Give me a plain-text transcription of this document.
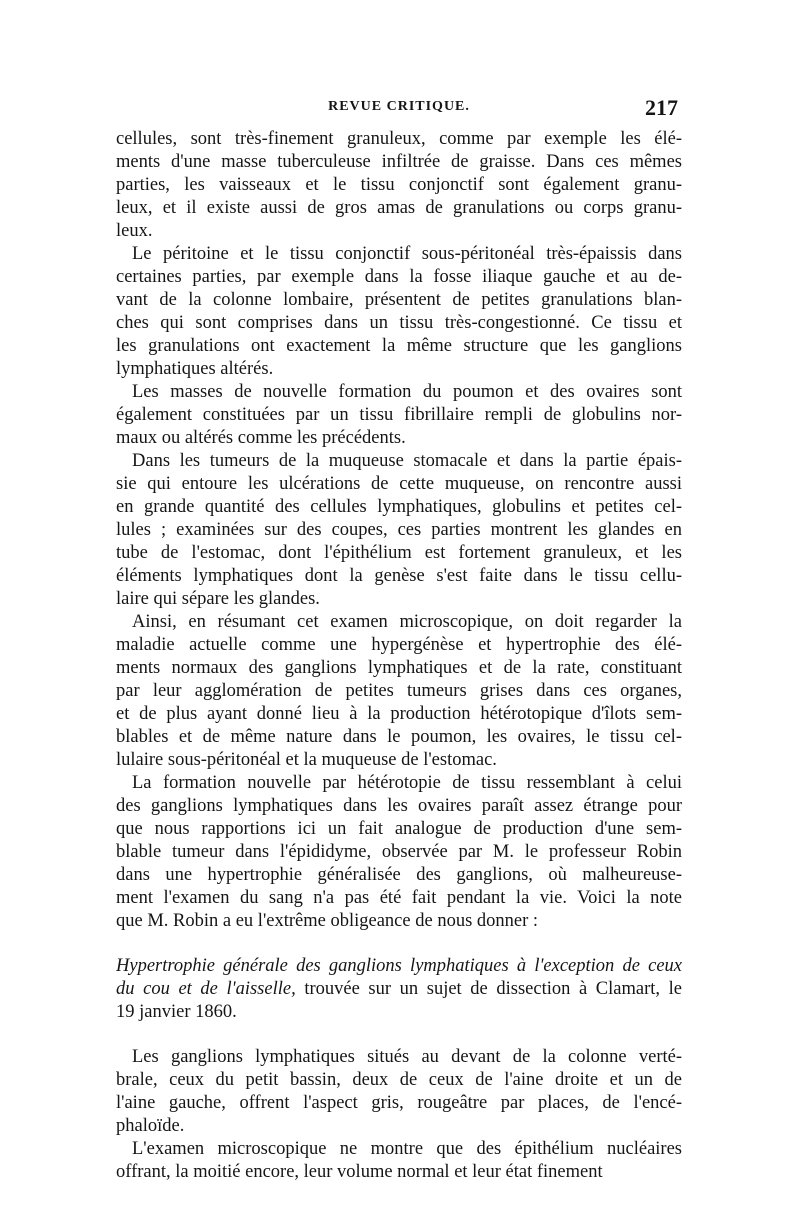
REVUE CRITIQUE.	217

cellules, sont très-finement granuleux, comme par exemple les élé-
ments d'une masse tuberculeuse infiltrée de graisse. Dans ces mêmes
parties, les vaisseaux et le tissu conjonctif sont également granu-
leux, et il existe aussi de gros amas de granulations ou corps granu-
leux.

Le péritoine et le tissu conjonctif sous-péritonéal très-épaissis dans
certaines parties, par exemple dans la fosse iliaque gauche et au de-
vant de la colonne lombaire, présentent de petites granulations blan-
ches qui sont comprises dans un tissu très-congestionné. Ce tissu et
les granulations ont exactement la même structure que les ganglions
lymphatiques altérés.

Les masses de nouvelle formation du poumon et des ovaires sont
également constituées par un tissu fibrillaire rempli de globulins nor-
maux ou altérés comme les précédents.

Dans les tumeurs de la muqueuse stomacale et dans la partie épais-
sie qui entoure les ulcérations de cette muqueuse, on rencontre aussi
en grande quantité des cellules lymphatiques, globulins et petites cel-
lules ; examinées sur des coupes, ces parties montrent les glandes en
tube de l'estomac, dont l'épithélium est fortement granuleux, et les
éléments lymphatiques dont la genèse s'est faite dans le tissu cellu-
laire qui sépare les glandes.

Ainsi, en résumant cet examen microscopique, on doit regarder la
maladie actuelle comme une hypergénèse et hypertrophie des élé-
ments normaux des ganglions lymphatiques et de la rate, constituant
par leur agglomération de petites tumeurs grises dans ces organes,
et de plus ayant donné lieu à la production hétérotopique d'îlots sem-
blables et de même nature dans le poumon, les ovaires, le tissu cel-
lulaire sous-péritonéal et la muqueuse de l'estomac.

La formation nouvelle par hétérotopie de tissu ressemblant à celui
des ganglions lymphatiques dans les ovaires paraît assez étrange pour
que nous rapportions ici un fait analogue de production d'une sem-
blable tumeur dans l'épididyme, observée par M. le professeur Robin
dans une hypertrophie généralisée des ganglions, où malheureuse-
ment l'examen du sang n'a pas été fait pendant la vie. Voici la note
que M. Robin a eu l'extrême obligeance de nous donner :

Hypertrophie générale des ganglions lymphatiques à l'exception de ceux
du cou et de l'aisselle, trouvée sur un sujet de dissection à Clamart, le
19 janvier 1860.

Les ganglions lymphatiques situés au devant de la colonne verté-
brale, ceux du petit bassin, deux de ceux de l'aine droite et un de
l'aine gauche, offrent l'aspect gris, rougeâtre par places, de l'encé-
phaloïde.

L'examen microscopique ne montre que des épithélium nucléaires
offrant, la moitié encore, leur volume normal et leur état finement
